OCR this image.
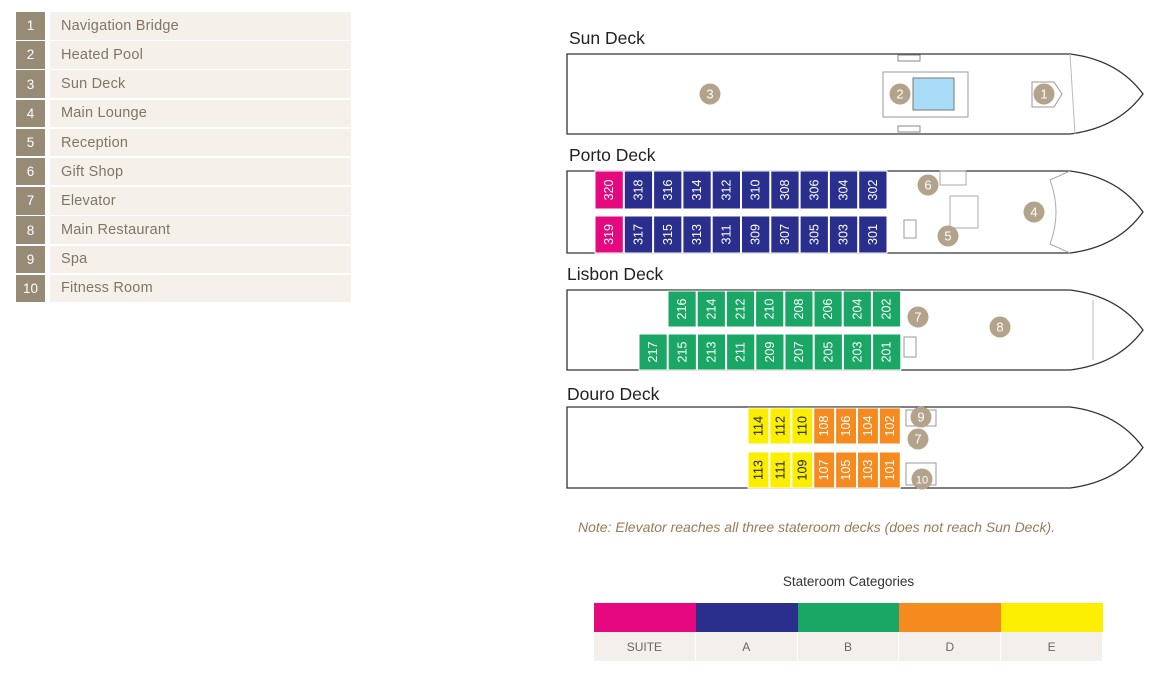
1	Navigation Bridge
2	Heated Pool
3	Sun Deck
4	Main Lounge
5	Reception
6	Gift Shop
7	Elevator
8	Main Restaurant
9	Spa
10	Fitness Room
Sun Deck
Porto Deck
Lisbon Deck
Douro Deck
3	2	1
320 318 316 314 312 310 308 306 304 302
319 317 315 313 311 309 307 305 303 301
6
5
4
216 214 212 210 208 206 204 202
217 215 213 211 209 207 205 203 201
7
8
114 112 110 108 106 104 102
113 111 109 107 105 103 101
9
7
10
Note: Elevator reaches all three stateroom decks (does not reach Sun Deck).
Stateroom Categories
SUITE	A	B	D	E
